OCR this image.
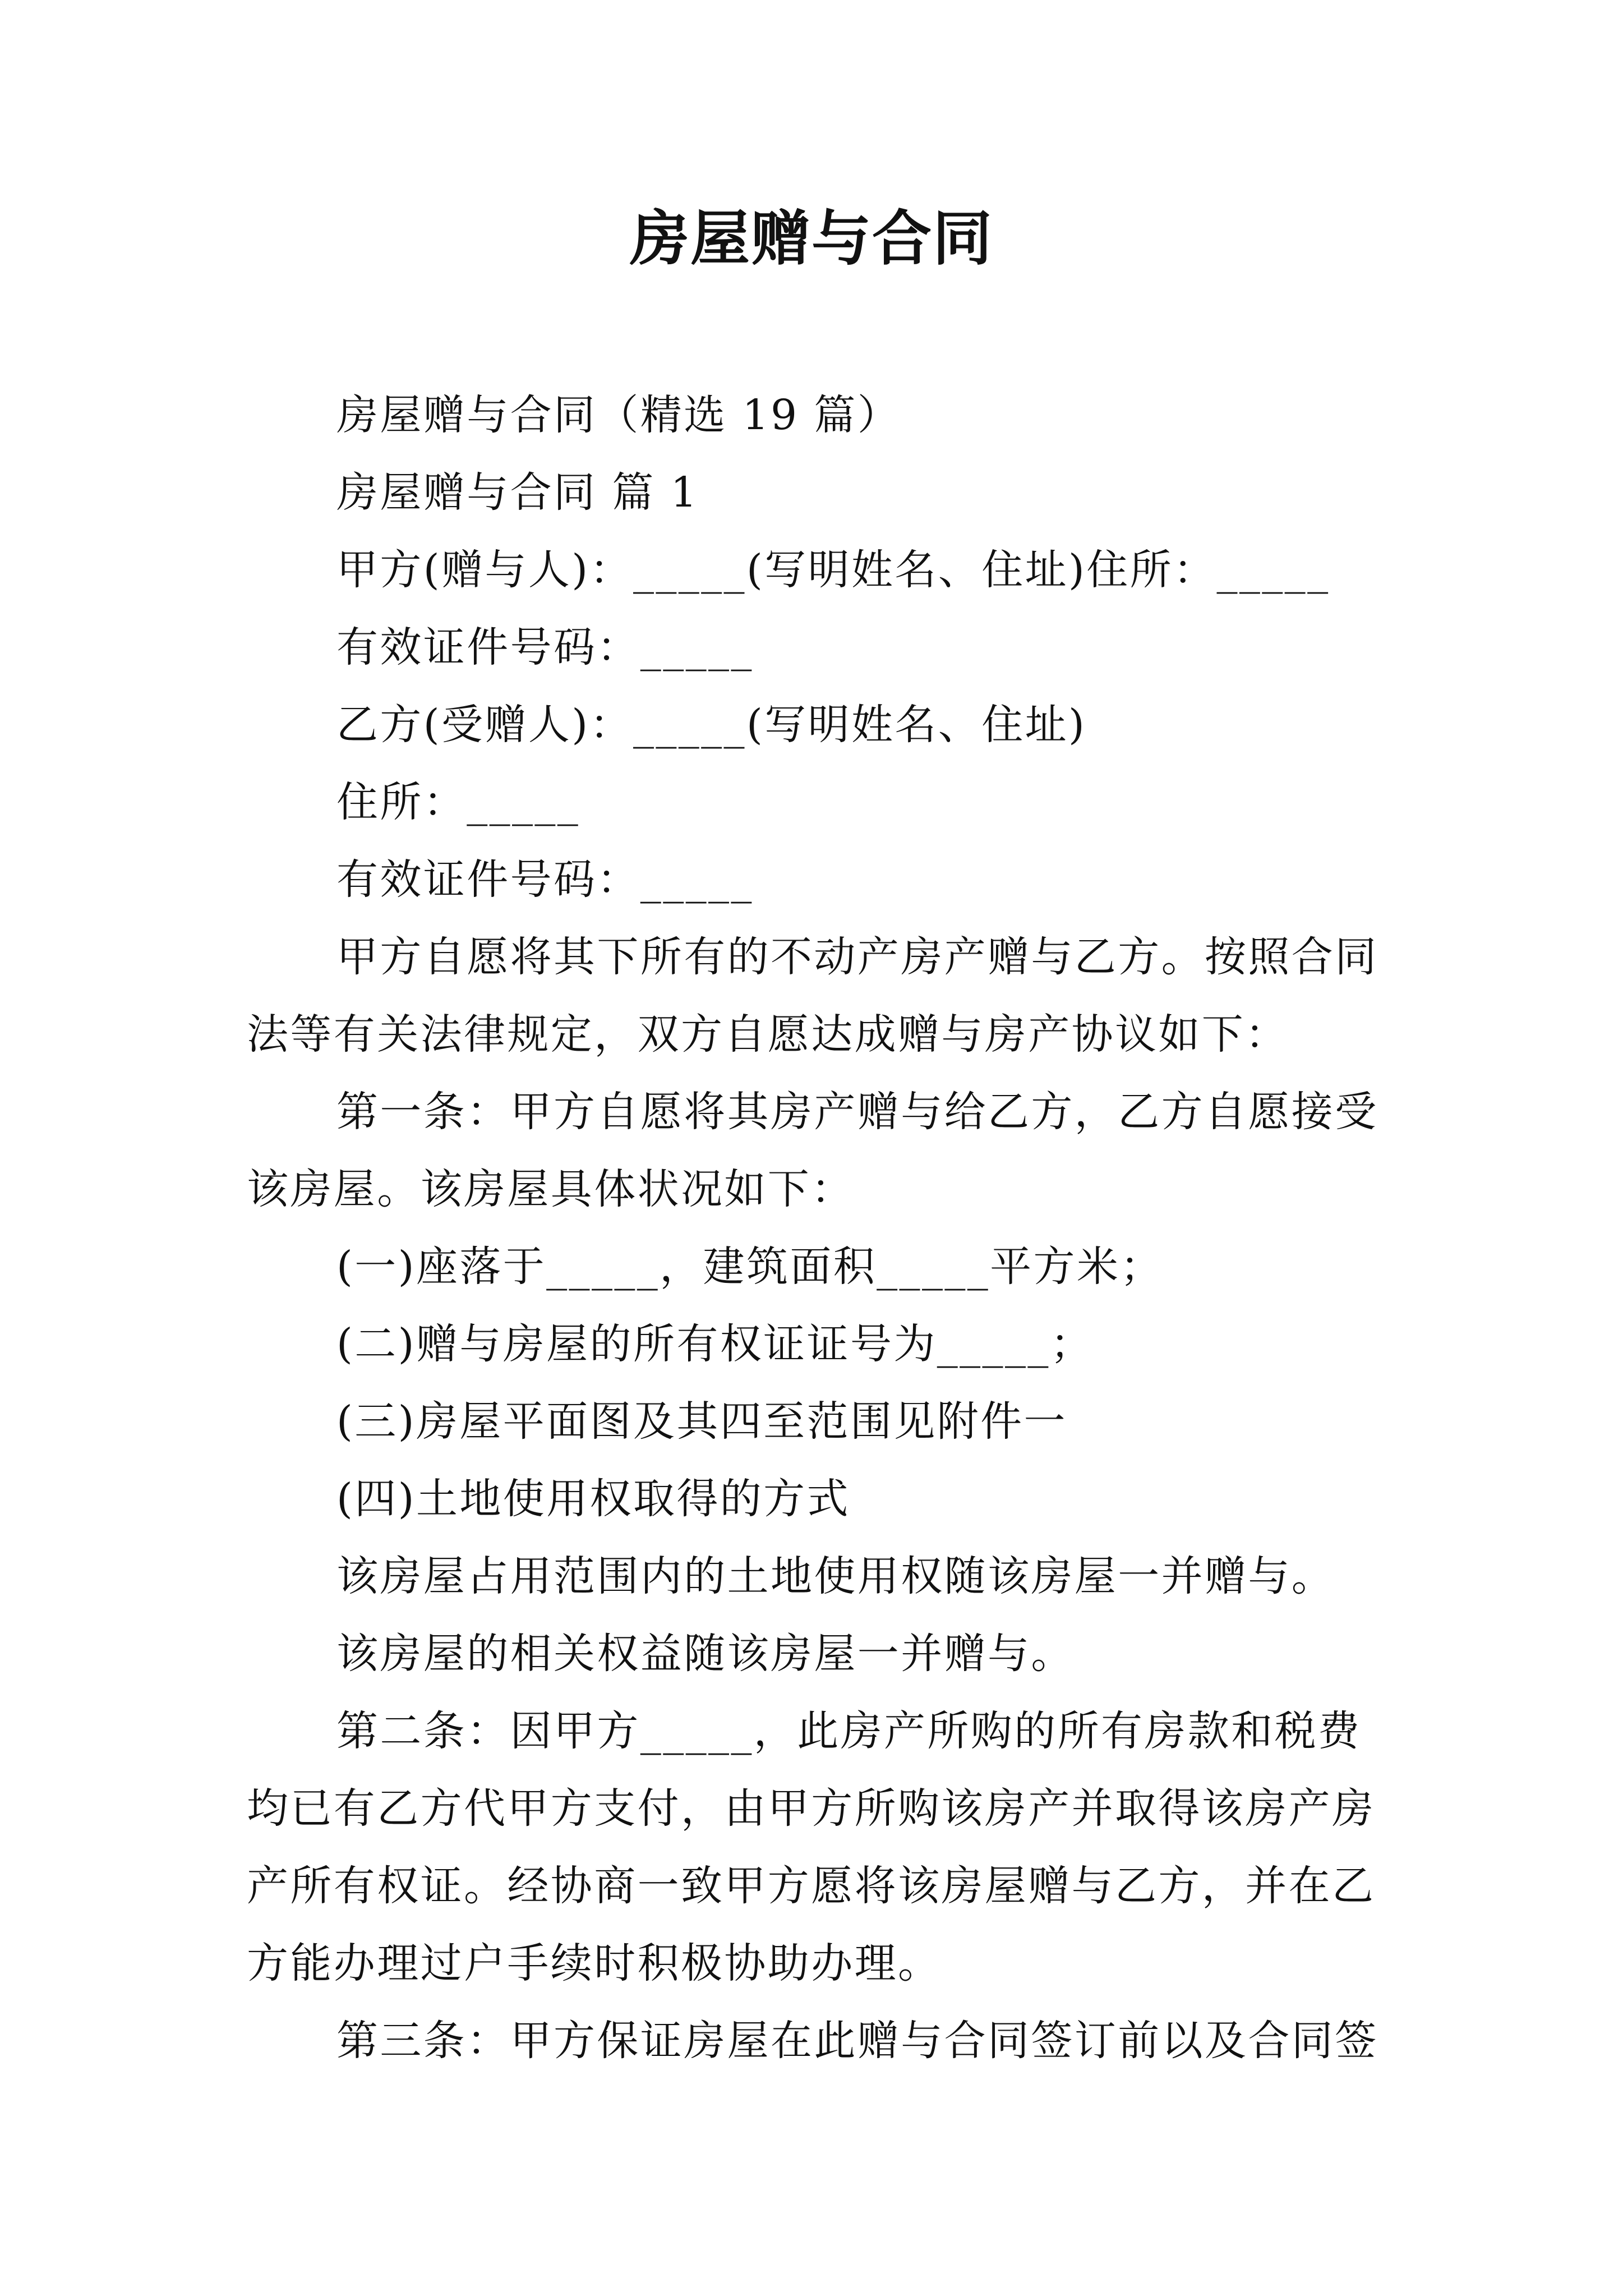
房屋赠与合同

房屋赠与合同（精选 19 篇）

房屋赠与合同 篇 1

甲方(赠与人)：_____(写明姓名、住址)住所：_____

有效证件号码：_____

乙方(受赠人)：_____(写明姓名、住址)

住所：_____

有效证件号码：_____

甲方自愿将其下所有的不动产房产赠与乙方。按照合同

法等有关法律规定，双方自愿达成赠与房产协议如下：

第一条：甲方自愿将其房产赠与给乙方，乙方自愿接受

该房屋。该房屋具体状况如下：

(一)座落于_____，建筑面积_____平方米；

(二)赠与房屋的所有权证证号为_____；

(三)房屋平面图及其四至范围见附件一

(四)土地使用权取得的方式

该房屋占用范围内的土地使用权随该房屋一并赠与。

该房屋的相关权益随该房屋一并赠与。

第二条：因甲方_____，此房产所购的所有房款和税费

均已有乙方代甲方支付，由甲方所购该房产并取得该房产房

产所有权证。经协商一致甲方愿将该房屋赠与乙方，并在乙

方能办理过户手续时积极协助办理。

第三条：甲方保证房屋在此赠与合同签订前以及合同签
